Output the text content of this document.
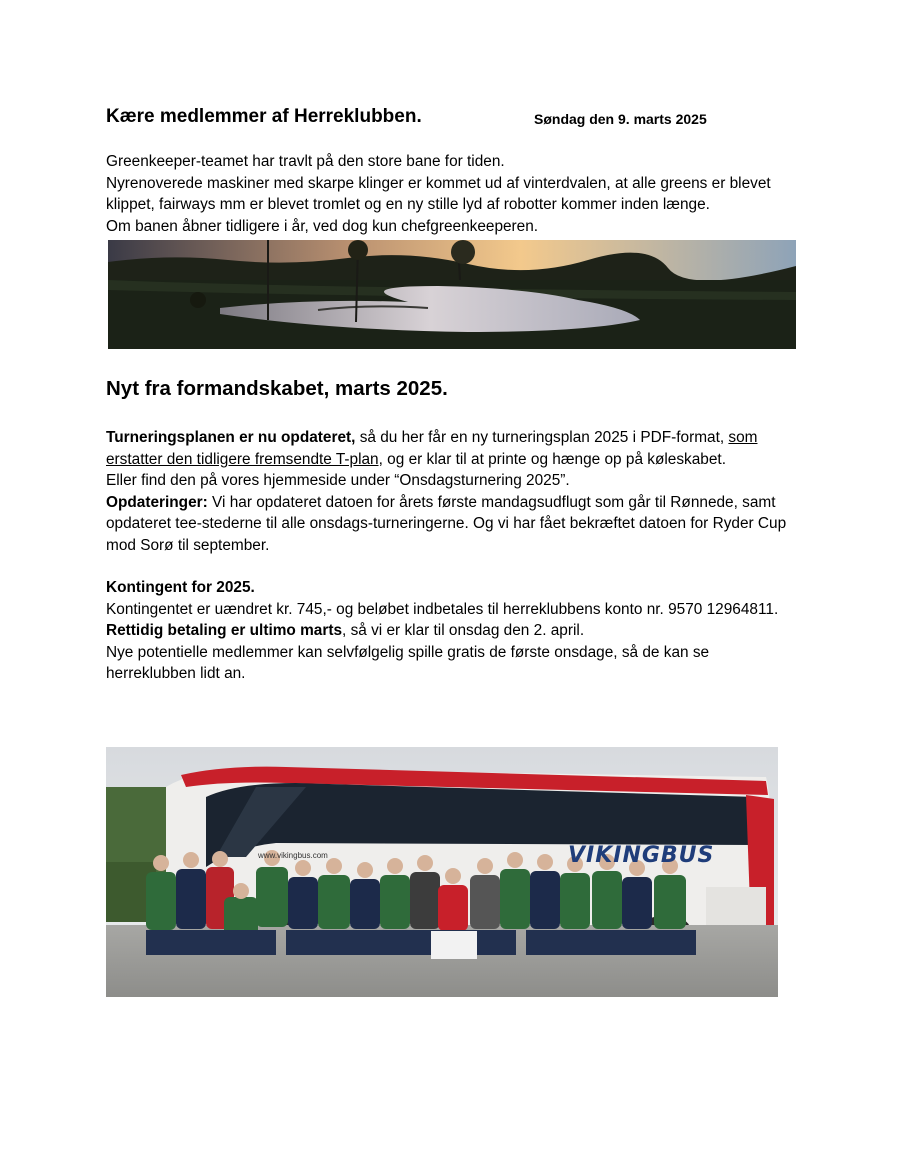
Kære medlemmer af Herreklubben.	Søndag den 9. marts 2025

Greenkeeper-teamet har travlt på den store bane for tiden.

Nyrenoverede maskiner med skarpe klinger er kommet ud af vinterdvalen, at alle greens er blevet klippet, fairways mm er blevet tromlet og en ny stille lyd af robotter kommer inden længe.

Om banen åbner tidligere i år, ved dog kun chefgreenkeeperen.

Nyt fra formandskabet, marts 2025.

Turneringsplanen er nu opdateret, så du her får en ny turneringsplan 2025 i PDF-format, som erstatter den tidligere fremsendte T-plan, og er klar til at printe og hænge op på køleskabet.

Eller find den på vores hjemmeside under “Onsdagsturnering 2025”.

Opdateringer: Vi har opdateret datoen for årets første mandagsudflugt som går til Rønnede, samt opdateret tee-stederne til alle onsdags-turneringerne. Og vi har fået bekræftet datoen for Ryder Cup mod Sorø til september.

Kontingent for 2025.

Kontingentet er uændret kr. 745,- og beløbet indbetales til herreklubbens konto nr. 9570 12964811.

Rettidig betaling er ultimo marts, så vi er klar til onsdag den 2. april.

Nye potentielle medlemmer kan selvfølgelig spille gratis de første onsdage, så de kan se herreklubben lidt an.

VIKINGBUS
www.vikingbus.com
